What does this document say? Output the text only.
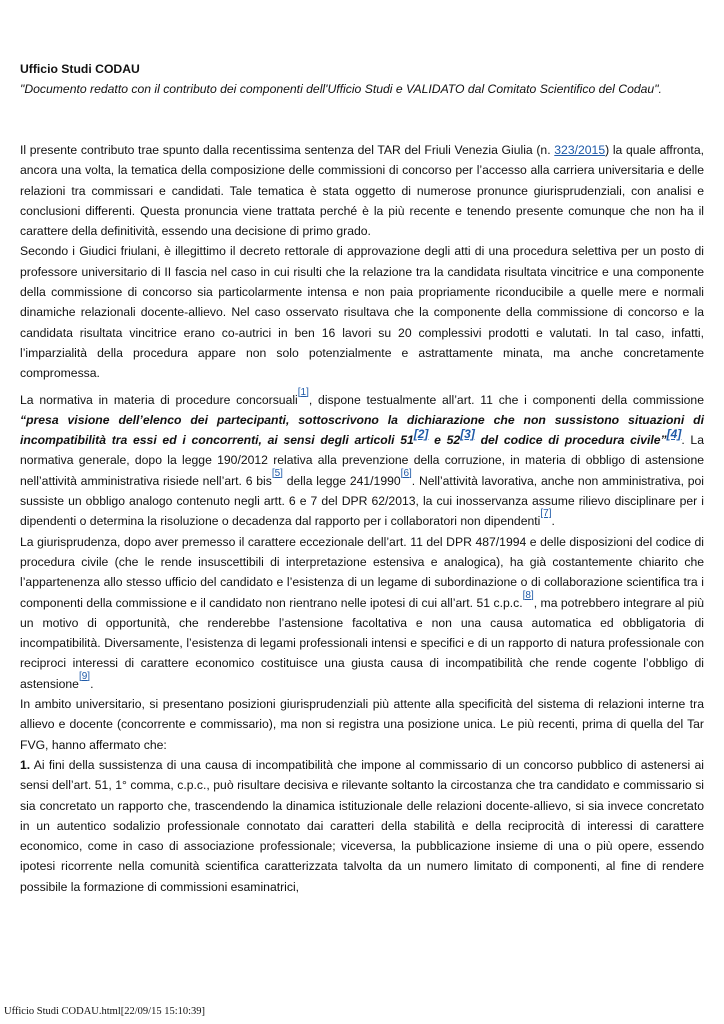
Ufficio Studi CODAU
"Documento redatto con il contributo dei componenti dell'Ufficio Studi e VALIDATO dal Comitato Scientifico del Codau".

Il presente contributo trae spunto dalla recentissima sentenza del TAR del Friuli Venezia Giulia (n. 323/2015) la quale affronta, ancora una volta, la tematica della composizione delle commissioni di concorso per l’accesso alla carriera universitaria e delle relazioni tra commissari e candidati. Tale tematica è stata oggetto di numerose pronunce giurisprudenziali, con analisi e conclusioni differenti. Questa pronuncia viene trattata perché è la più recente e tenendo presente comunque che non ha il carattere della definitività, essendo una decisione di primo grado.

Secondo i Giudici friulani, è illegittimo il decreto rettorale di approvazione degli atti di una procedura selettiva per un posto di professore universitario di II fascia nel caso in cui risulti che la relazione tra la candidata risultata vincitrice e una componente della commissione di concorso sia particolarmente intensa e non paia propriamente riconducibile a quelle mere e normali dinamiche relazionali docente-allievo. Nel caso osservato risultava che la componente della commissione di concorso e la candidata risultata vincitrice erano co-autrici in ben 16 lavori su 20 complessivi prodotti e valutati. In tal caso, infatti, l’imparzialità della procedura appare non solo potenzialmente e astrattamente minata, ma anche concretamente compromessa.

La normativa in materia di procedure concorsuali[1], dispone testualmente all’art. 11 che i componenti della commissione “presa visione dell’elenco dei partecipanti, sottoscrivono la dichiarazione che non sussistono situazioni di incompatibilità tra essi ed i concorrenti, ai sensi degli articoli 51[2] e 52[3] del codice di procedura civile”[4]. La normativa generale, dopo la legge 190/2012 relativa alla prevenzione della corruzione, in materia di obbligo di astensione nell’attività amministrativa risiede nell’art. 6 bis[5] della legge 241/1990[6]. Nell’attività lavorativa, anche non amministrativa, poi sussiste un obbligo analogo contenuto negli artt. 6 e 7 del DPR 62/2013, la cui inosservanza assume rilievo disciplinare per i dipendenti o determina la risoluzione o decadenza dal rapporto per i collaboratori non dipendenti[7].

La giurisprudenza, dopo aver premesso il carattere eccezionale dell’art. 11 del DPR 487/1994 e delle disposizioni del codice di procedura civile (che le rende insuscettibili di interpretazione estensiva e analogica), ha già costantemente chiarito che l’appartenenza allo stesso ufficio del candidato e l’esistenza di un legame di subordinazione o di collaborazione scientifica tra i componenti della commissione e il candidato non rientrano nelle ipotesi di cui all’art. 51 c.p.c.[8], ma potrebbero integrare al più un motivo di opportunità, che renderebbe l’astensione facoltativa e non una causa automatica ed obbligatoria di incompatibilità. Diversamente, l’esistenza di legami professionali intensi e specifici e di un rapporto di natura professionale con reciproci interessi di carattere economico costituisce una giusta causa di incompatibilità che rende cogente l’obbligo di astensione[9].

In ambito universitario, si presentano posizioni giurisprudenziali più attente alla specificità del sistema di relazioni interne tra allievo e docente (concorrente e commissario), ma non si registra una posizione unica. Le più recenti, prima di quella del Tar FVG, hanno affermato che:

1. Ai fini della sussistenza di una causa di incompatibilità che impone al commissario di un concorso pubblico di astenersi ai sensi dell’art. 51, 1° comma, c.p.c., può risultare decisiva e rilevante soltanto la circostanza che tra candidato e commissario si sia concretato un rapporto che, trascendendo la dinamica istituzionale delle relazioni docente-allievo, si sia invece concretato in un autentico sodalizio professionale connotato dai caratteri della stabilità e della reciprocità di interessi di carattere economico, come in caso di associazione professionale; viceversa, la pubblicazione insieme di una o più opere, essendo ipotesi ricorrente nella comunità scientifica caratterizzata talvolta da un numero limitato di componenti, al fine di rendere possibile la formazione di commissioni esaminatrici,

Ufficio Studi CODAU.html[22/09/15 15:10:39]
